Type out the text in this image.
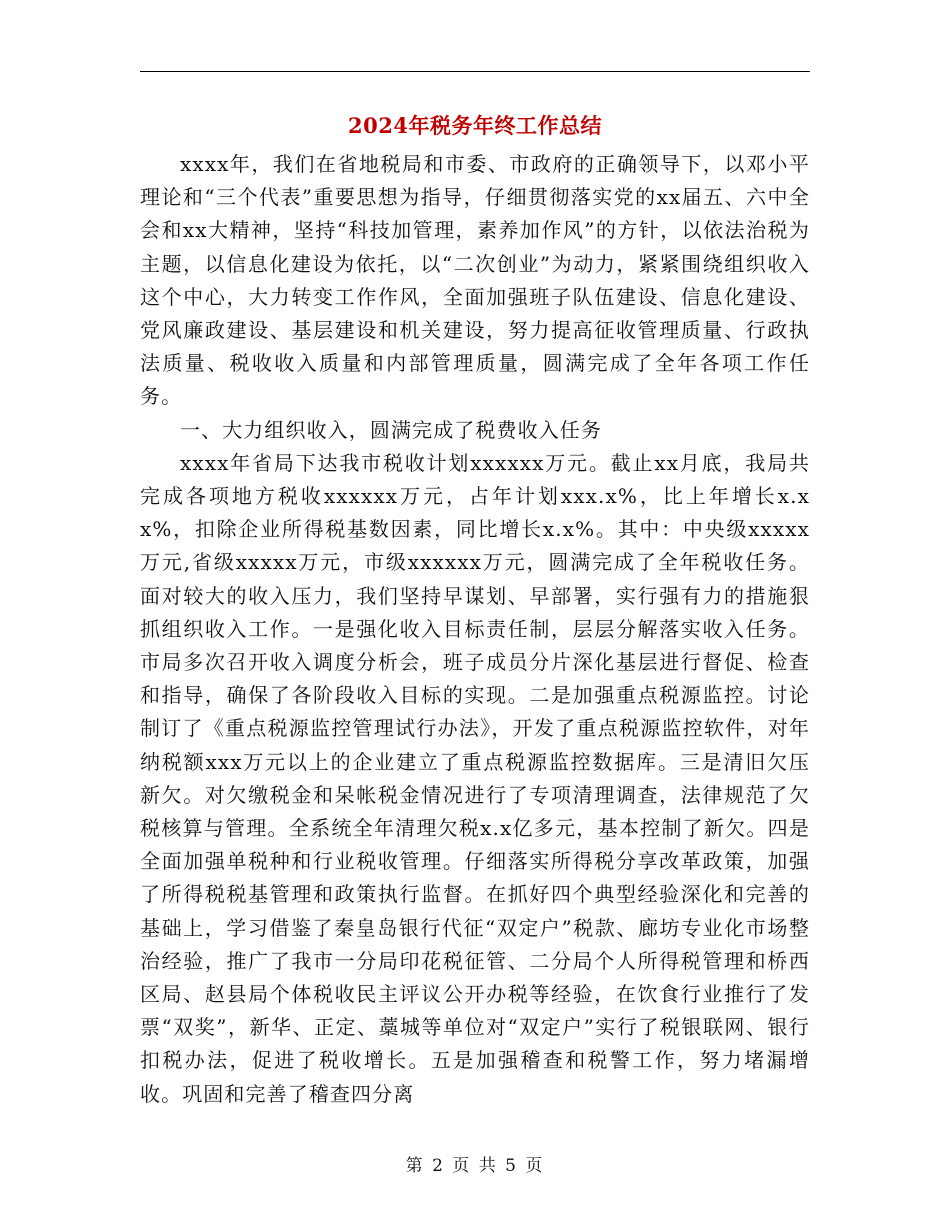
2024年税务年终工作总结

xxxx年，我们在省地税局和市委、市政府的正确领导下，以邓小平理论和“三个代表”重要思想为指导，仔细贯彻落实党的xx届五、六中全会和xx大精神，坚持“科技加管理，素养加作风”的方针，以依法治税为主题，以信息化建设为依托，以“二次创业”为动力，紧紧围绕组织收入这个中心，大力转变工作作风，全面加强班子队伍建设、信息化建设、党风廉政建设、基层建设和机关建设，努力提高征收管理质量、行政执法质量、税收收入质量和内部管理质量，圆满完成了全年各项工作任务。

一、大力组织收入，圆满完成了税费收入任务

xxxx年省局下达我市税收计划xxxxxx万元。截止xx月底，我局共完成各项地方税收xxxxxx万元，占年计划xxx.x%，比上年增长x.xx%，扣除企业所得税基数因素，同比增长x.x%。其中：中央级xxxxx万元,省级xxxxx万元，市级xxxxxx万元，圆满完成了全年税收任务。面对较大的收入压力，我们坚持早谋划、早部署，实行强有力的措施狠抓组织收入工作。一是强化收入目标责任制，层层分解落实收入任务。市局多次召开收入调度分析会，班子成员分片深化基层进行督促、检查和指导，确保了各阶段收入目标的实现。二是加强重点税源监控。讨论制订了《重点税源监控管理试行办法》，开发了重点税源监控软件，对年纳税额xxx万元以上的企业建立了重点税源监控数据库。三是清旧欠压新欠。对欠缴税金和呆帐税金情况进行了专项清理调查，法律规范了欠税核算与管理。全系统全年清理欠税x.x亿多元，基本控制了新欠。四是全面加强单税种和行业税收管理。仔细落实所得税分享改革政策，加强了所得税税基管理和政策执行监督。在抓好四个典型经验深化和完善的基础上，学习借鉴了秦皇岛银行代征“双定户”税款、廊坊专业化市场整治经验，推广了我市一分局印花税征管、二分局个人所得税管理和桥西区局、赵县局个体税收民主评议公开办税等经验，在饮食行业推行了发票“双奖”，新华、正定、藁城等单位对“双定户”实行了税银联网、银行扣税办法，促进了税收增长。五是加强稽查和税警工作，努力堵漏增收。巩固和完善了稽查四分离

第 2 页 共 5 页
